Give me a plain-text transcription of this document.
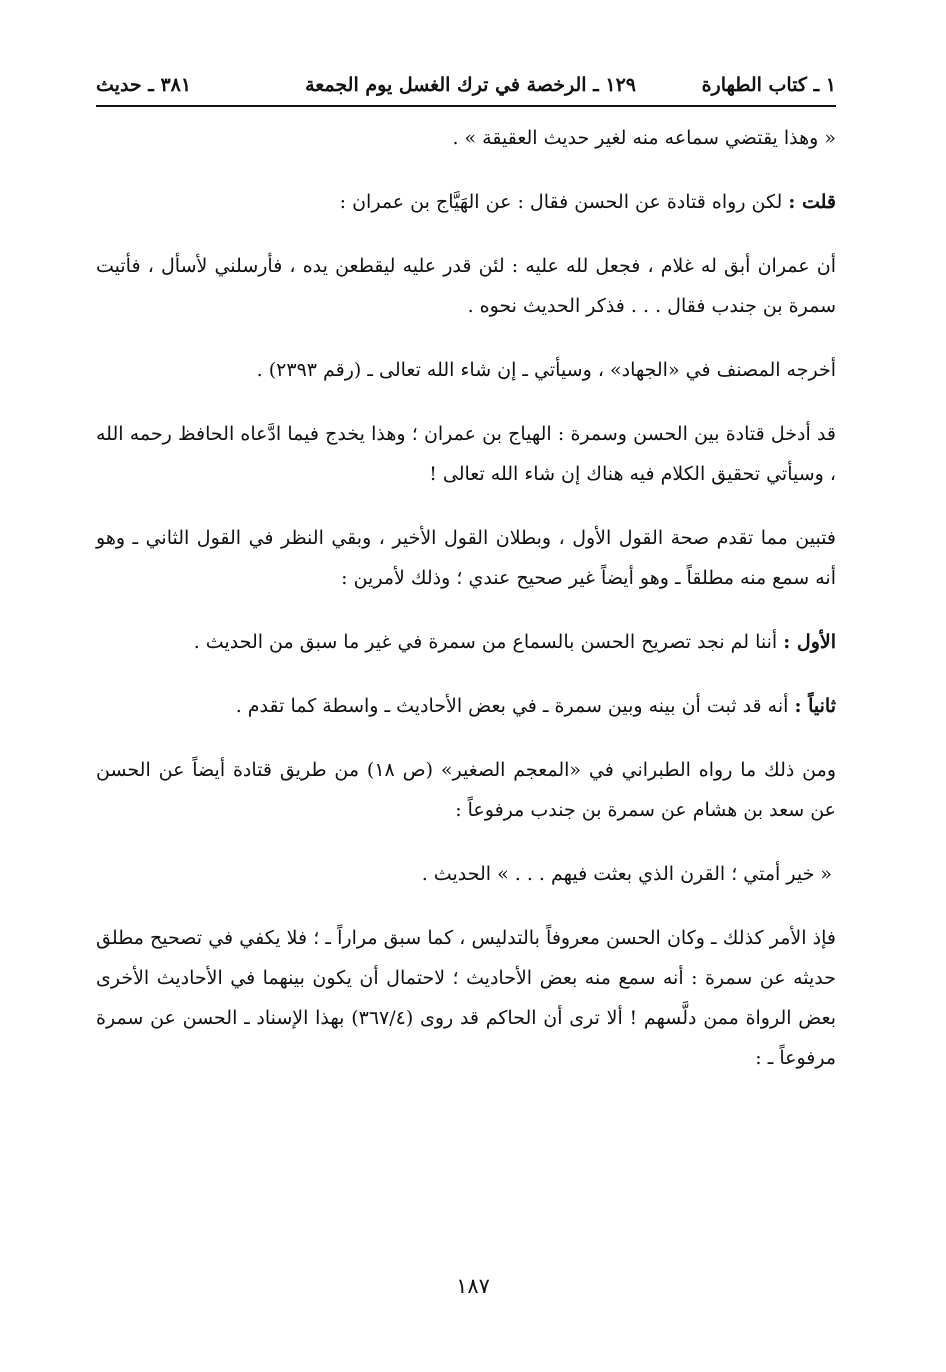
١ ـ كتاب الطهارة
١٢٩ ـ الرخصة في ترك الغسل يوم الجمعة
٣٨١ ـ حديث

« وهذا يقتضي سماعه منه لغير حديث العقيقة » .

قلت : لكن رواه قتادة عن الحسن فقال : عن الهَيَّاج بن عمران :

أن عمران أبق له غلام ، فجعل لله عليه : لئن قدر عليه ليقطعن يده ، فأرسلني لأسأل ، فأتيت سمرة بن جندب فقال . . . فذكر الحديث نحوه .

أخرجه المصنف في «الجهاد» ، وسيأتي ـ إن شاء الله تعالى ـ (رقم ٢٣٩٣) .

قد أدخل قتادة بين الحسن وسمرة : الهياج بن عمران ؛ وهذا يخدج فيما ادَّعاه الحافظ رحمه الله ، وسيأتي تحقيق الكلام فيه هناك إن شاء الله تعالى !

فتبين مما تقدم صحة القول الأول ، وبطلان القول الأخير ، وبقي النظر في القول الثاني ـ وهو أنه سمع منه مطلقاً ـ وهو أيضاً غير صحيح عندي ؛ وذلك لأمرين :

الأول : أننا لم نجد تصريح الحسن بالسماع من سمرة في غير ما سبق من الحديث .

ثانياً : أنه قد ثبت أن بينه وبين سمرة ـ في بعض الأحاديث ـ واسطة كما تقدم .

ومن ذلك ما رواه الطبراني في «المعجم الصغير» (ص ١٨) من طريق قتادة أيضاً عن الحسن عن سعد بن هشام عن سمرة بن جندب مرفوعاً :

« خير أمتي ؛ القرن الذي بعثت فيهم . . . » الحديث .

فإذ الأمر كذلك ـ وكان الحسن معروفاً بالتدليس ، كما سبق مراراً ـ ؛ فلا يكفي في تصحيح مطلق حديثه عن سمرة : أنه سمع منه بعض الأحاديث ؛ لاحتمال أن يكون بينهما في الأحاديث الأخرى بعض الرواة ممن دلَّسهم ! ألا ترى أن الحاكم قد روى (٣٦٧/٤) بهذا الإسناد ـ الحسن عن سمرة مرفوعاً ـ :

١٨٧
